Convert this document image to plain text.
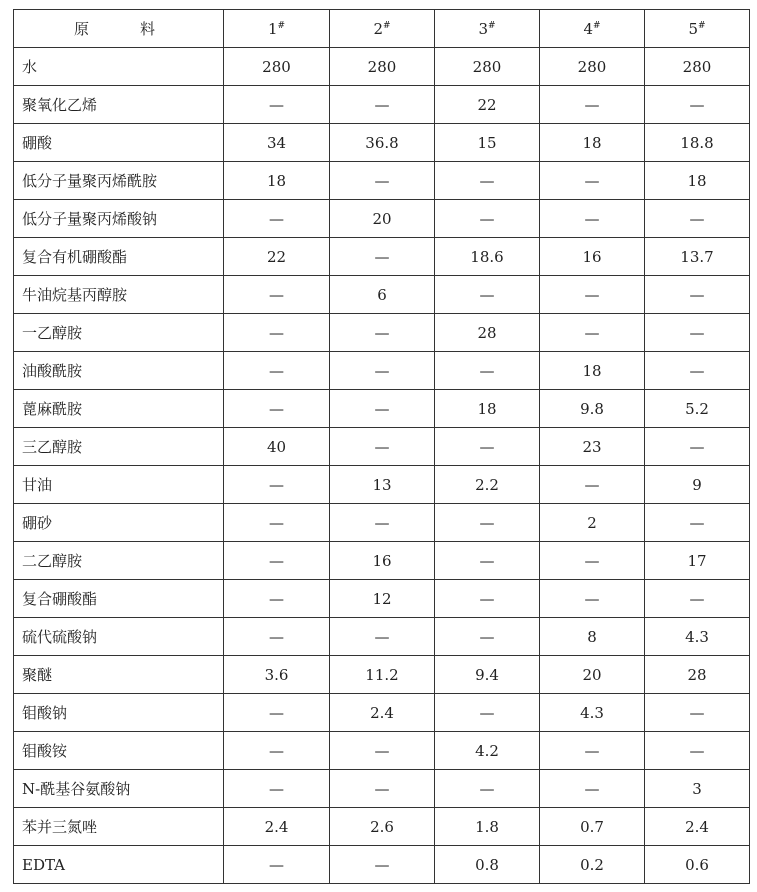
原　料	1#	2#	3#	4#	5#
水	280	280	280	280	280
聚氧化乙烯	—	—	22	—	—
硼酸	34	36.8	15	18	18.8
低分子量聚丙烯酰胺	18	—	—	—	18
低分子量聚丙烯酸钠	—	20	—	—	—
复合有机硼酸酯	22	—	18.6	16	13.7
牛油烷基丙醇胺	—	6	—	—	—
一乙醇胺	—	—	28	—	—
油酸酰胺	—	—	—	18	—
蓖麻酰胺	—	—	18	9.8	5.2
三乙醇胺	40	—	—	23	—
甘油	—	13	2.2	—	9
硼砂	—	—	—	2	—
二乙醇胺	—	16	—	—	17
复合硼酸酯	—	12	—	—	—
硫代硫酸钠	—	—	—	8	4.3
聚醚	3.6	11.2	9.4	20	28
钼酸钠	—	2.4	—	4.3	—
钼酸铵	—	—	4.2	—	—
N-酰基谷氨酸钠	—	—	—	—	3
苯并三氮唑	2.4	2.6	1.8	0.7	2.4
EDTA	—	—	0.8	0.2	0.6
